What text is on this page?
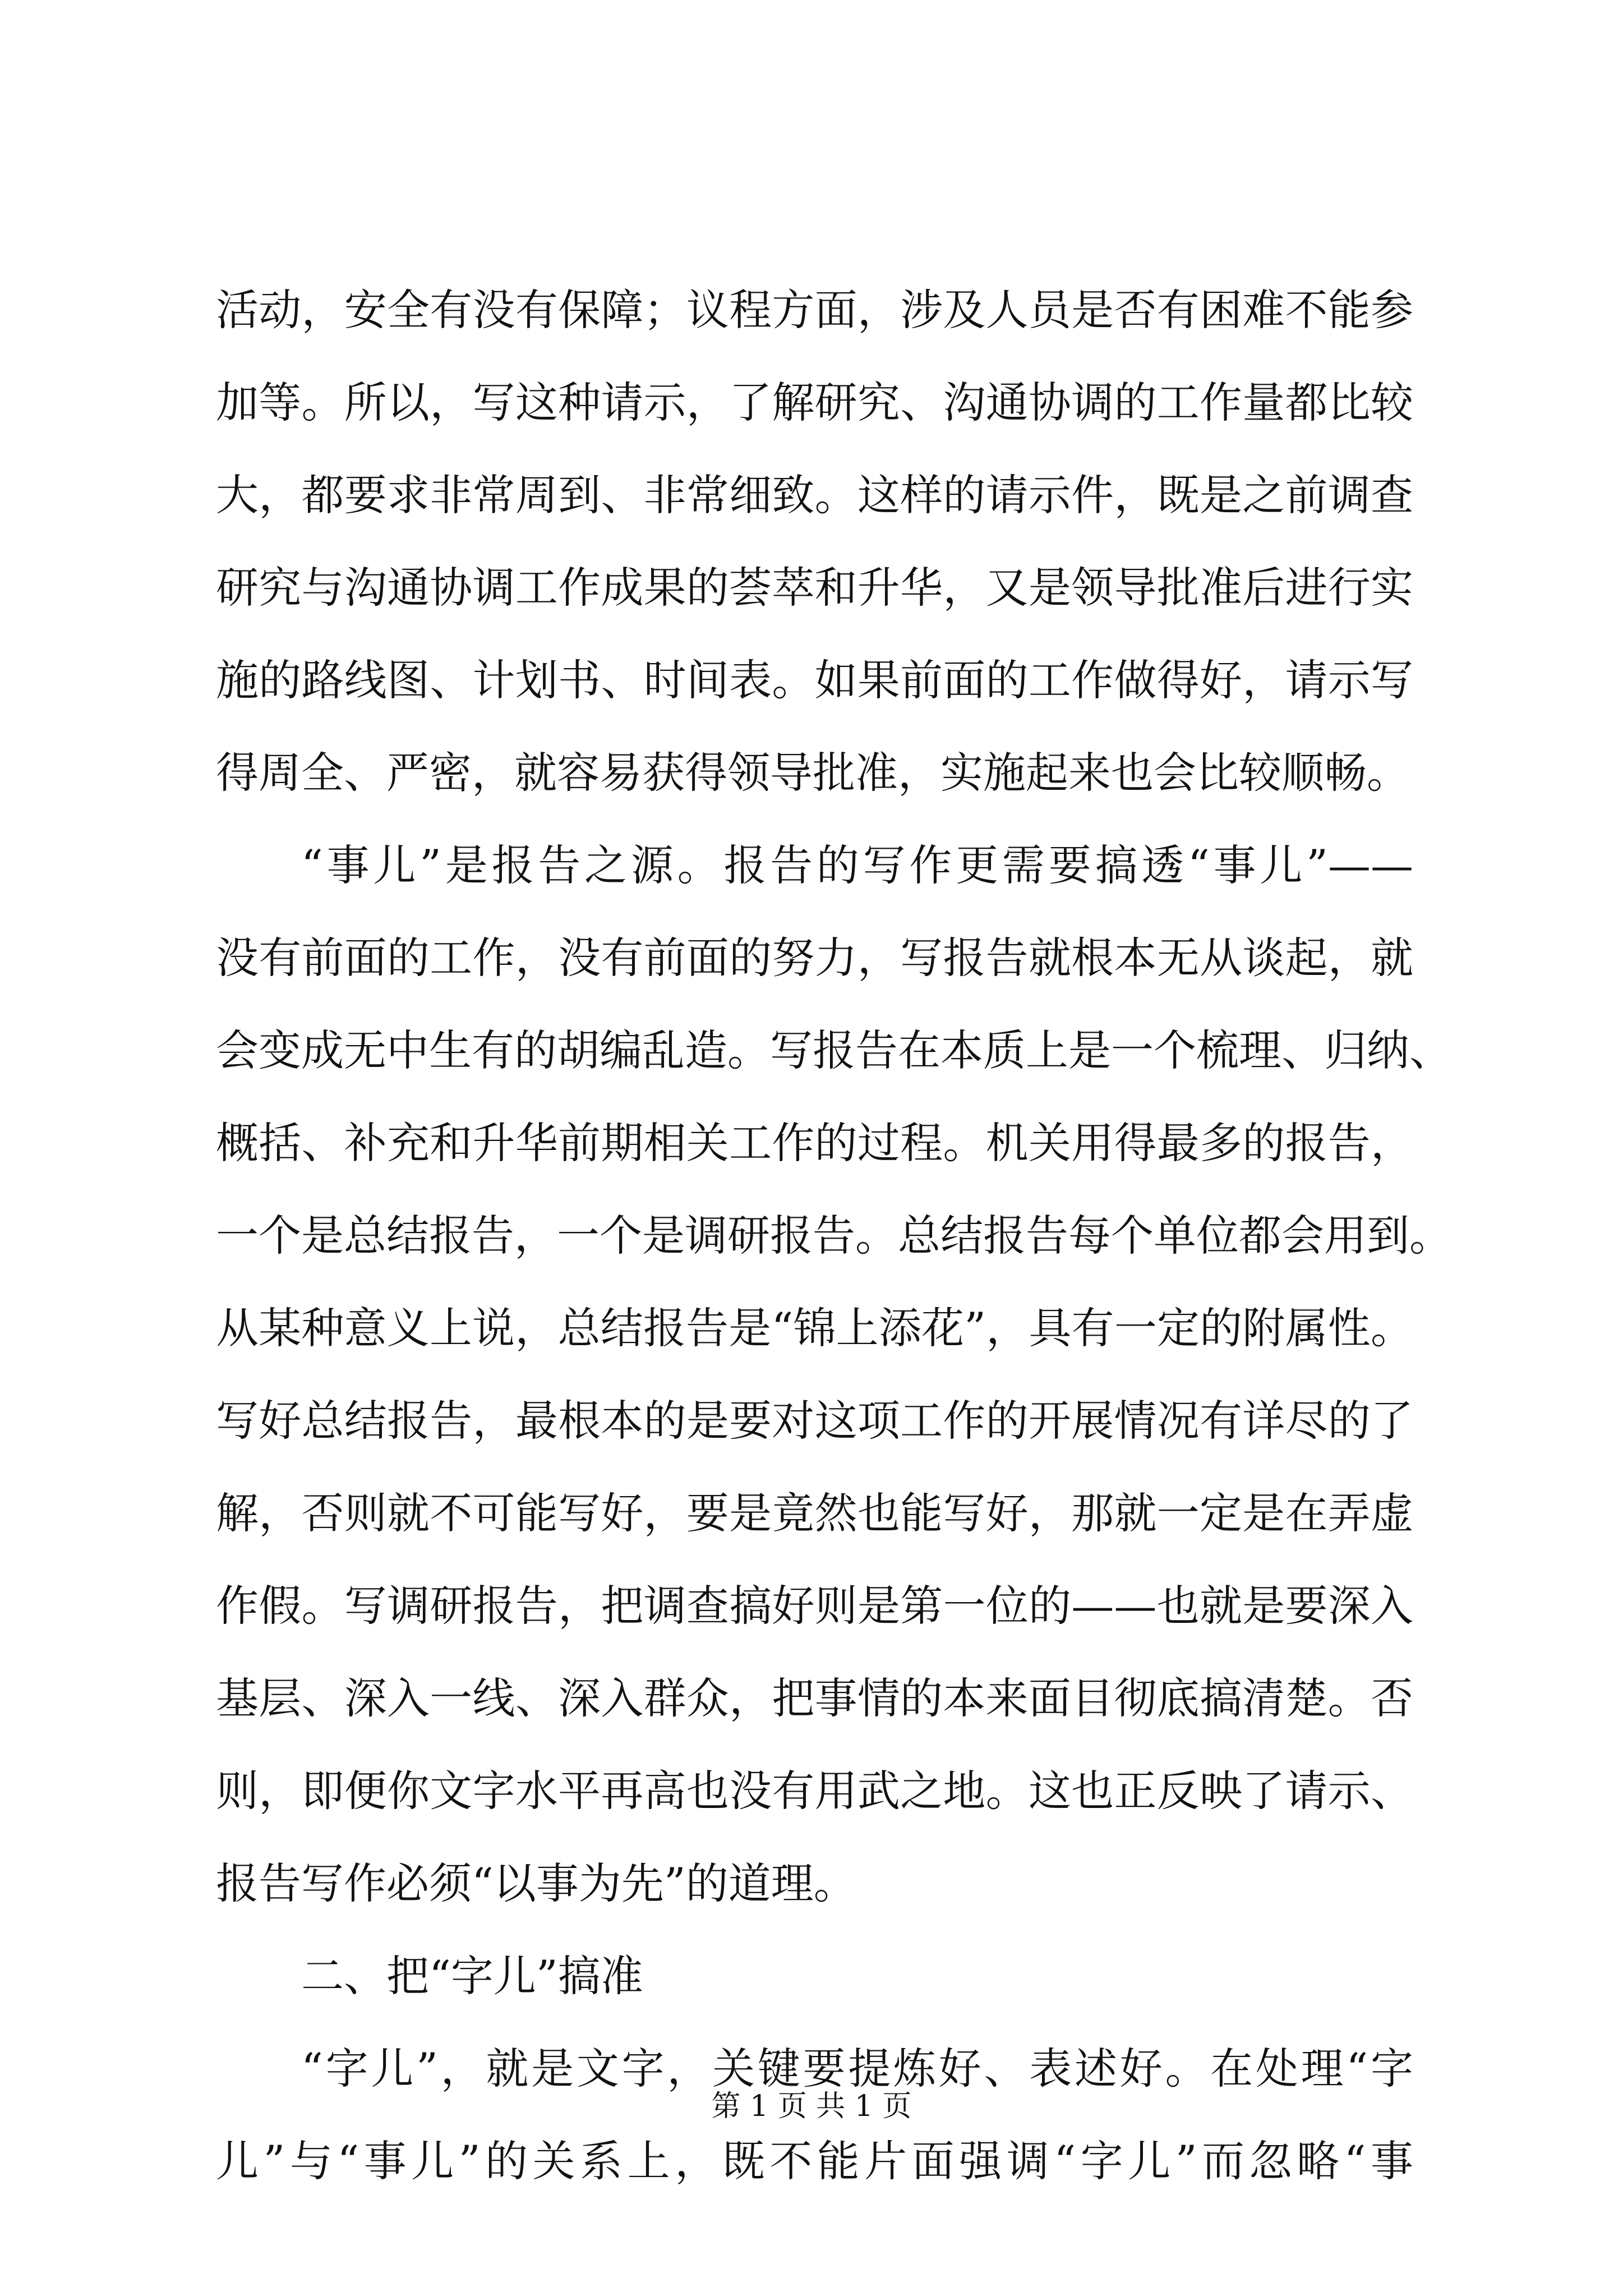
活动，安全有没有保障；议程方面，涉及人员是否有困难不能参
加等。所以，写这种请示，了解研究、沟通协调的工作量都比较
大，都要求非常周到、非常细致。这样的请示件，既是之前调查
研究与沟通协调工作成果的荟萃和升华，又是领导批准后进行实
施的路线图、计划书、时间表。如果前面的工作做得好，请示写
得周全、严密，就容易获得领导批准，实施起来也会比较顺畅。
“事儿”是报告之源。报告的写作更需要搞透“事儿”——
没有前面的工作，没有前面的努力，写报告就根本无从谈起，就
会变成无中生有的胡编乱造。写报告在本质上是一个梳理、归纳、
概括、补充和升华前期相关工作的过程。机关用得最多的报告，
一个是总结报告，一个是调研报告。总结报告每个单位都会用到。
从某种意义上说，总结报告是“锦上添花”，具有一定的附属性。
写好总结报告，最根本的是要对这项工作的开展情况有详尽的了
解，否则就不可能写好，要是竟然也能写好，那就一定是在弄虚
作假。写调研报告，把调查搞好则是第一位的——也就是要深入
基层、深入一线、深入群众，把事情的本来面目彻底搞清楚。否
则，即便你文字水平再高也没有用武之地。这也正反映了请示、
报告写作必须“以事为先”的道理。
二、把“字儿”搞准
“字儿”，就是文字，关键要提炼好、表述好。在处理“字
儿”与“事儿”的关系上，既不能片面强调“字儿”而忽略“事
第 1 页 共 1 页
